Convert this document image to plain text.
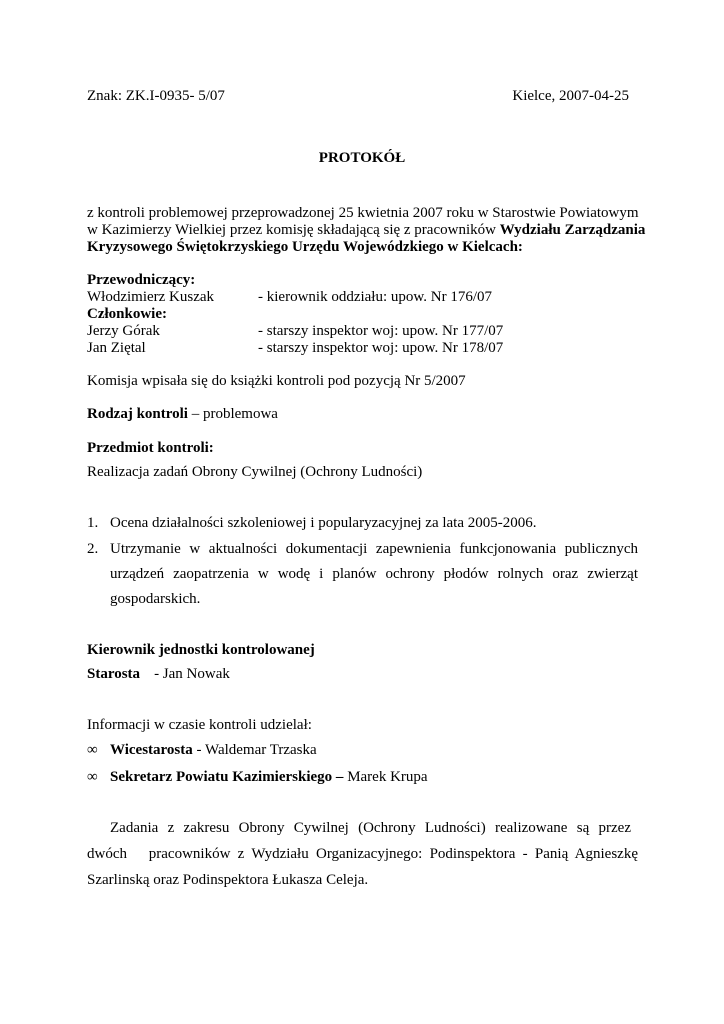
Znak: ZK.I-0935- 5/07	Kielce, 2007-04-25
PROTOKÓŁ
z kontroli problemowej przeprowadzonej 25 kwietnia 2007 roku w Starostwie Powiatowym
w Kazimierzy Wielkiej przez komisję składającą się z pracowników Wydziału Zarządzania
Kryzysowego Świętokrzyskiego Urzędu Wojewódzkiego w Kielcach:
Przewodniczący:
Włodzimierz Kuszak	- kierownik oddziału: upow. Nr 176/07
Członkowie:
Jerzy Górak	- starszy inspektor woj: upow. Nr 177/07
Jan Ziętal	- starszy inspektor woj: upow. Nr 178/07
Komisja wpisała się do książki kontroli pod pozycją Nr 5/2007
Rodzaj kontroli – problemowa
Przedmiot kontroli:
Realizacja zadań Obrony Cywilnej (Ochrony Ludności)
1. Ocena działalności szkoleniowej i popularyzacyjnej za lata 2005-2006.
2. Utrzymanie w aktualności dokumentacji zapewnienia funkcjonowania publicznych
urządzeń zaopatrzenia w wodę i planów ochrony płodów rolnych oraz zwierząt
gospodarskich.
Kierownik jednostki kontrolowanej
Starosta - Jan Nowak
Informacji w czasie kontroli udzielał:
∞ Wicestarosta - Waldemar Trzaska
∞ Sekretarz Powiatu Kazimierskiego – Marek Krupa
Zadania z zakresu Obrony Cywilnej (Ochrony Ludności) realizowane są przez
dwóch   pracowników z Wydziału Organizacyjnego: Podinspektora - Panią Agnieszkę
Szarlinską oraz Podinspektora Łukasza Celeja.
